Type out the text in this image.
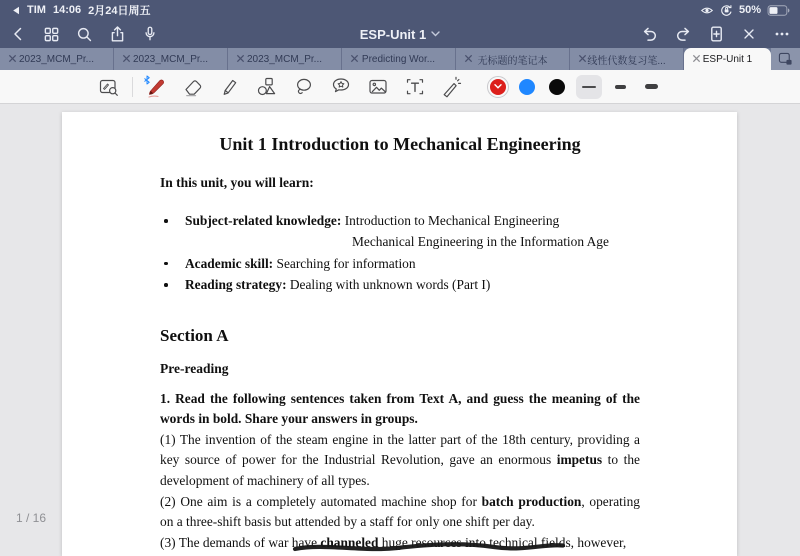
TIM 14:06 2月24日周五	50%
ESP-Unit 1
2023_MCM_Pr...	2023_MCM_Pr...	2023_MCM_Pr...	Predicting Wor...	无标题的笔记本	线性代数复习笔...	ESP-Unit 1
1 / 16
Unit 1 Introduction to Mechanical Engineering
In this unit, you will learn:
Subject-related knowledge: Introduction to Mechanical Engineering
Mechanical Engineering in the Information Age
Academic skill: Searching for information
Reading strategy: Dealing with unknown words (Part I)
Section A
Pre-reading

1. Read the following sentences taken from Text A, and guess the meaning of the words in bold. Share your answers in groups.

(1) The invention of the steam engine in the latter part of the 18th century, providing a key source of power for the Industrial Revolution, gave an enormous impetus to the development of machinery of all types.

(2) One aim is a completely automated machine shop for batch production, operating on a three-shift basis but attended by a staff for only one shift per day.

(3) The demands of war have channeled huge resources into technical fields, however,
